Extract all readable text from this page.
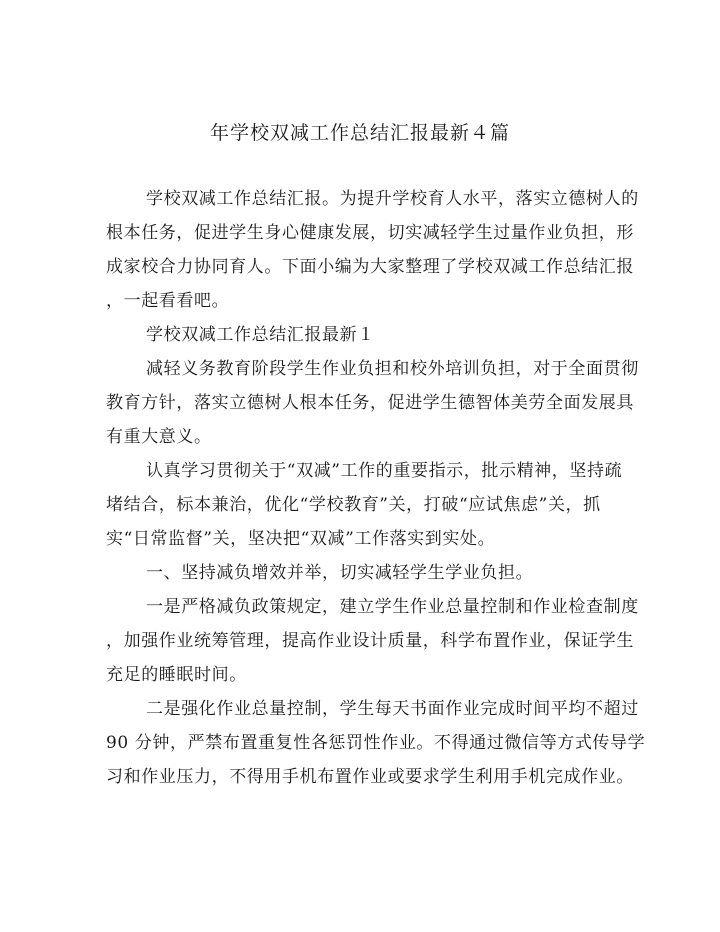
年学校双减工作总结汇报最新４篇
学校双减工作总结汇报。为提升学校育人水平，落实立德树人的
根本任务，促进学生身心健康发展，切实减轻学生过量作业负担，形
成家校合力协同育人。下面小编为大家整理了学校双减工作总结汇报
，一起看看吧。
学校双减工作总结汇报最新１
减轻义务教育阶段学生作业负担和校外培训负担，对于全面贯彻
教育方针，落实立德树人根本任务，促进学生德智体美劳全面发展具
有重大意义。
认真学习贯彻关于“双减”工作的重要指示，批示精神，坚持疏
堵结合，标本兼治，优化“学校教育”关，打破“应试焦虑”关，抓
实“日常监督”关，坚决把“双减”工作落实到实处。
一、坚持减负增效并举，切实减轻学生学业负担。
一是严格减负政策规定，建立学生作业总量控制和作业检查制度
，加强作业统筹管理，提高作业设计质量，科学布置作业，保证学生
充足的睡眠时间。
二是强化作业总量控制，学生每天书面作业完成时间平均不超过
90 分钟，严禁布置重复性各惩罚性作业。不得通过微信等方式传导学
习和作业压力，不得用手机布置作业或要求学生利用手机完成作业。
